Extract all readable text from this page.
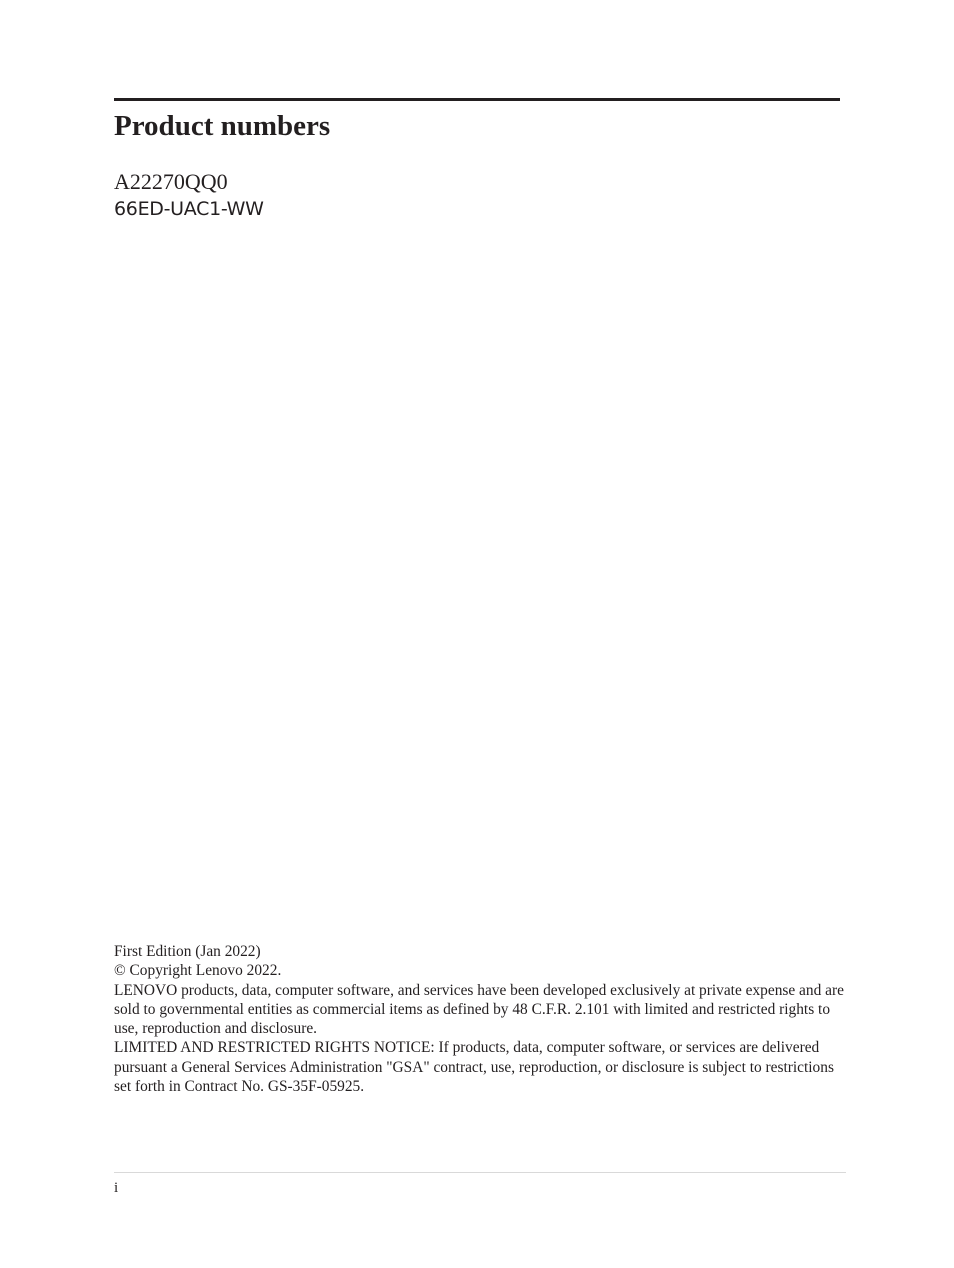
Product numbers
A22270QQ0
66ED-UAC1-WW
First Edition (Jan 2022)
© Copyright Lenovo 2022.
LENOVO products, data, computer software, and services have been developed exclusively at private expense and are sold to governmental entities as commercial items as defined by 48 C.F.R. 2.101 with limited and restricted rights to use, reproduction and disclosure.
LIMITED AND RESTRICTED RIGHTS NOTICE: If products, data, computer software, or services are delivered pursuant a General Services Administration "GSA" contract, use, reproduction, or disclosure is subject to restrictions set forth in Contract No. GS-35F-05925.
i
